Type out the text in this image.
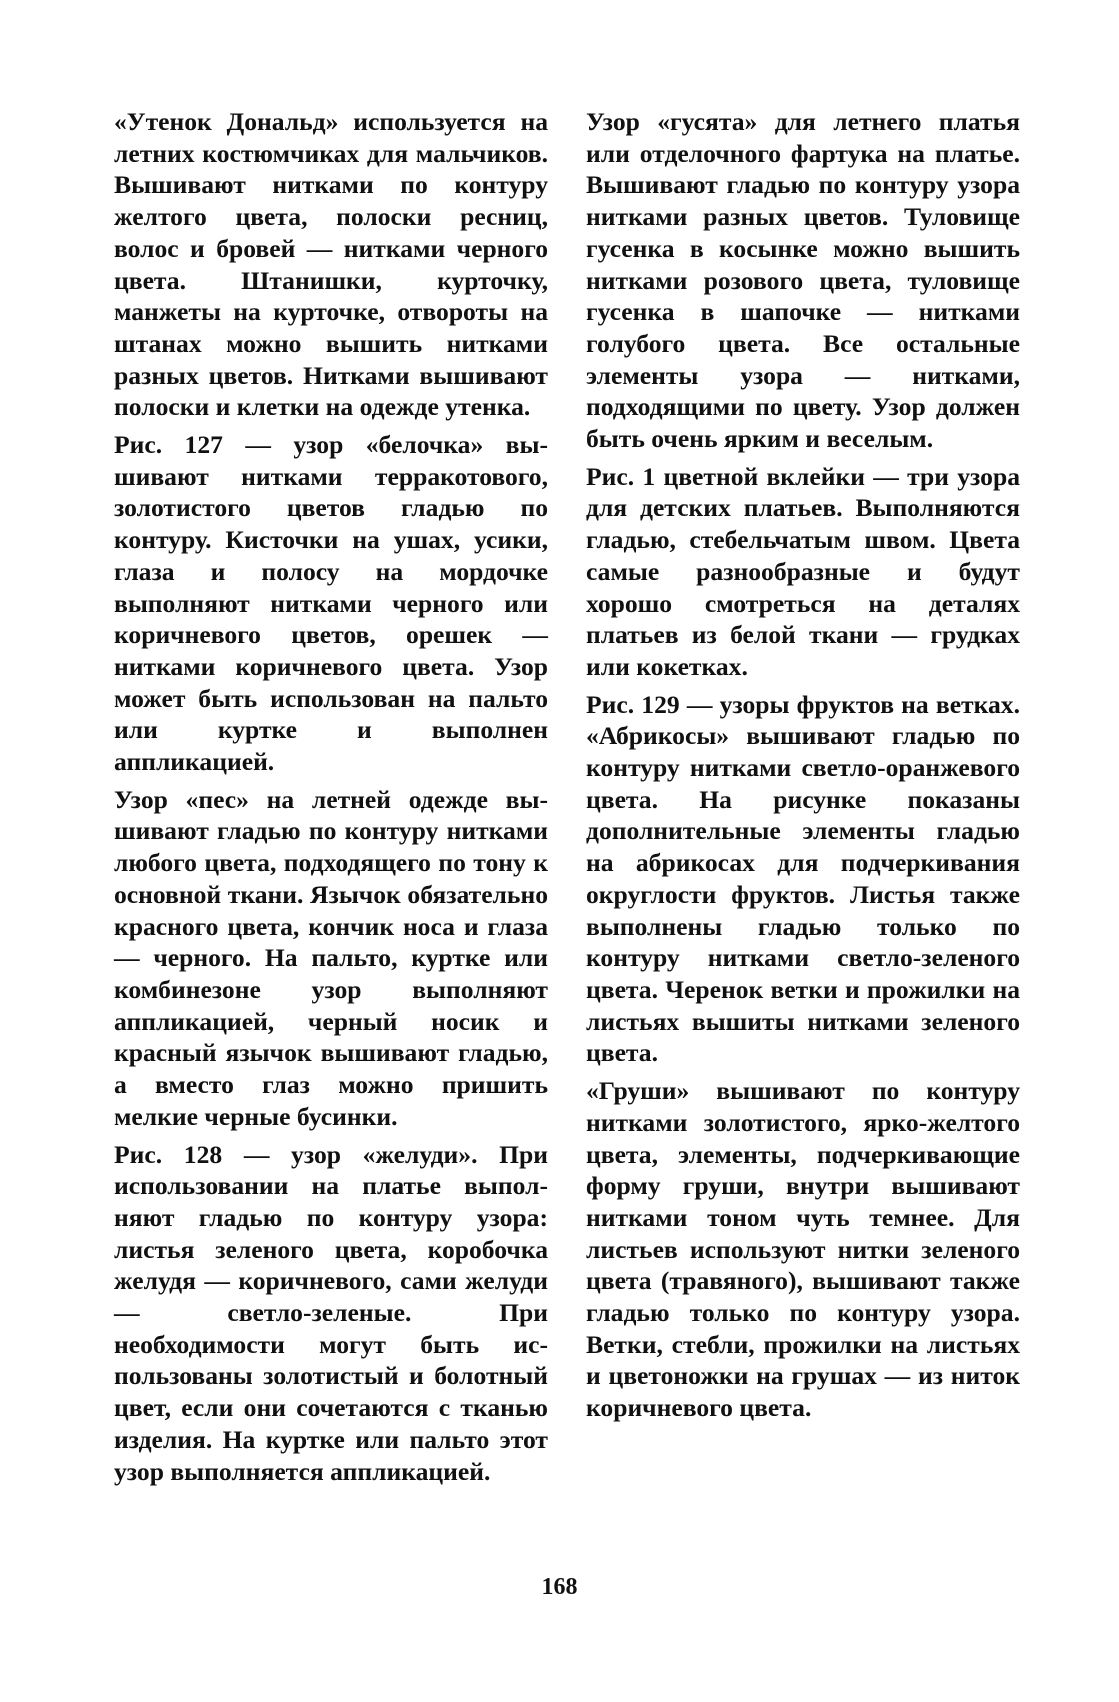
«Утенок Дональд» используется на летних костюмчиках для мальчиков. Вышивают нитками по контуру желтого цвета, полоски ресниц, волос и бровей — нитками черного цвета. Штанишки, курточку, манжеты на курточке, отвороты на штанах можно вышить нитками разных цветов. Нитками вышивают полоски и клетки на одежде утенка.

Рис. 127 — узор «белочка» вышивают нитками терракотового, золотистого цветов гладью по контуру. Кисточки на ушах, усики, глаза и полосу на мордочке выполняют нитками черного или коричневого цветов, орешек — нитками коричневого цвета. Узор может быть использован на пальто или куртке и выполнен аппликацией.

Узор «пес» на летней одежде вышивают гладью по контуру нитками любого цвета, подходящего по тону к основной ткани. Язычок обязательно красного цвета, кончик носа и глаза — черного. На пальто, куртке или комбинезоне узор выполняют аппликацией, черный носик и красный язычок вышивают гладью, а вместо глаз можно пришить мелкие черные бусинки.

Рис. 128 — узор «желуди». При использовании на платье выполняют гладью по контуру узора: листья зеленого цвета, коробочка желудя — коричневого, сами желуди — светло-зеленые. При необходимости могут быть использованы золотистый и болотный цвет, если они сочетаются с тканью изделия. На куртке или пальто этот узор выполняется аппликацией.

Узор «гусята» для летнего платья или отделочного фартука на платье. Вышивают гладью по контуру узора нитками разных цветов. Туловище гусенка в косынке можно вышить нитками розового цвета, туловище гусенка в шапочке — нитками голубого цвета. Все остальные элементы узора — нитками, подходящими по цвету. Узор должен быть очень ярким и веселым.

Рис. 1 цветной вклейки — три узора для детских платьев. Выполняются гладью, стебельчатым швом. Цвета самые разнообразные и будут хорошо смотреться на деталях платьев из белой ткани — грудках или кокетках.

Рис. 129 — узоры фруктов на ветках. «Абрикосы» вышивают гладью по контуру нитками светло-оранжевого цвета. На рисунке показаны дополнительные элементы гладью на абрикосах для подчеркивания округлости фруктов. Листья также выполнены гладью только по контуру нитками светло-зеленого цвета. Черенок ветки и прожилки на листьях вышиты нитками зеленого цвета.

«Груши» вышивают по контуру нитками золотистого, ярко-желтого цвета, элементы, подчеркивающие форму груши, внутри вышивают нитками тоном чуть темнее. Для листьев используют нитки зеленого цвета (травяного), вышивают также гладью только по контуру узора. Ветки, стебли, прожилки на листьях и цветоножки на грушах — из ниток коричневого цвета.

168
